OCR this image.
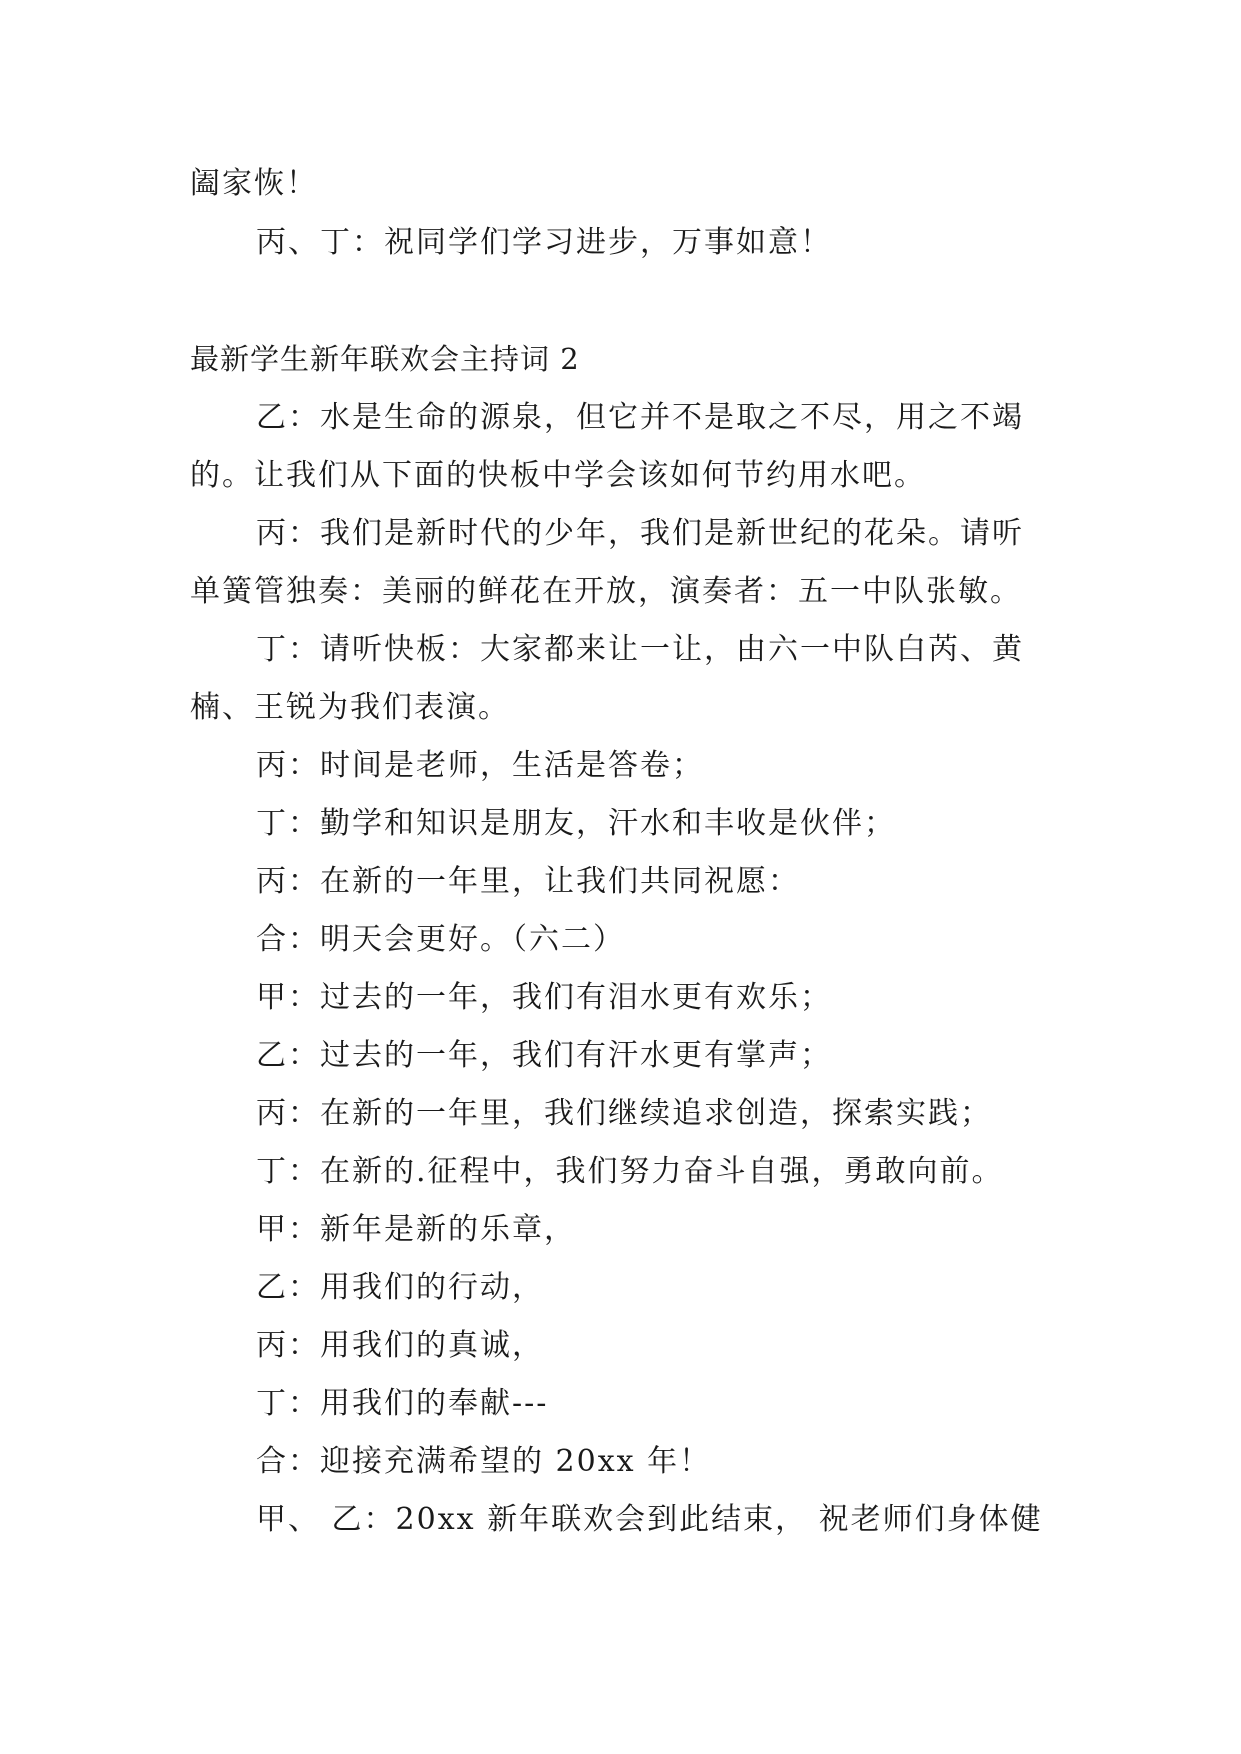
阖家恢！
丙、丁：祝同学们学习进步，万事如意！
最新学生新年联欢会主持词 2
乙：水是生命的源泉，但它并不是取之不尽，用之不竭
的。让我们从下面的快板中学会该如何节约用水吧。
丙：我们是新时代的少年，我们是新世纪的花朵。请听
单簧管独奏：美丽的鲜花在开放，演奏者：五一中队张敏。
丁：请听快板：大家都来让一让，由六一中队白芮、黄
楠、王锐为我们表演。
丙：时间是老师，生活是答卷；
丁：勤学和知识是朋友，汗水和丰收是伙伴；
丙：在新的一年里，让我们共同祝愿：
合：明天会更好。（六二）
甲：过去的一年，我们有泪水更有欢乐；
乙：过去的一年，我们有汗水更有掌声；
丙：在新的一年里，我们继续追求创造，探索实践；
丁：在新的.征程中，我们努力奋斗自强，勇敢向前。
甲：新年是新的乐章，
乙：用我们的行动，
丙：用我们的真诚，
丁：用我们的奉献---
合：迎接充满希望的 20xx 年！
甲、 乙：20xx 新年联欢会到此结束， 祝老师们身体健
